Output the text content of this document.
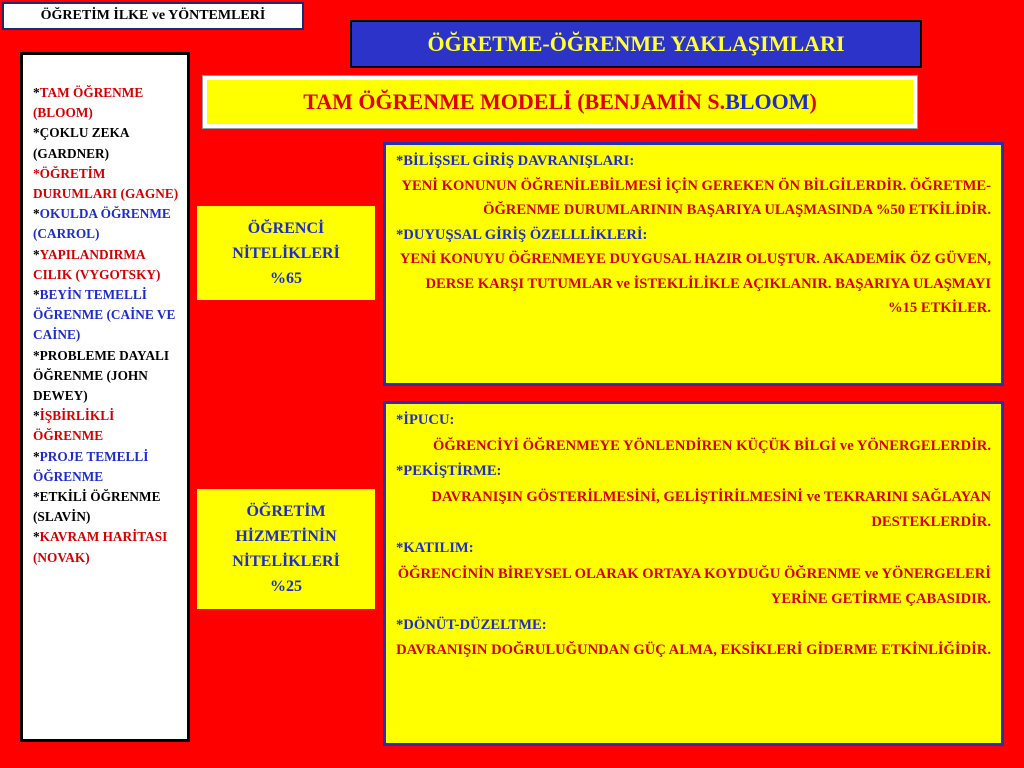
ÖĞRETİM İLKE ve YÖNTEMLERİ
ÖĞRETME-ÖĞRENME YAKLAŞIMLARI
TAM ÖĞRENME MODELİ (BENJAMİN S. BLOOM )
*TAM ÖĞRENME (BLOOM)
*ÇOKLU ZEKA (GARDNER)
*ÖĞRETİM DURUMLARI (GAGNE)
*OKULDA ÖĞRENME (CARROL)
*YAPILANDIRMA CILIK (VYGOTSKY)
*BEYİN TEMELLİ ÖĞRENME (CAİNE VE CAİNE)
*PROBLEME DAYALI ÖĞRENME (JOHN DEWEY)
*İŞBİRLİKLİ ÖĞRENME
*PROJE TEMELLİ ÖĞRENME
*ETKİLİ ÖĞRENME (SLAVİN)
*KAVRAM HARİTASI (NOVAK)
ÖĞRENCİ
NİTELİKLERİ
%65
ÖĞRETİM
HİZMETİNİN
NİTELİKLERİ
%25
*BİLİŞSEL GİRİŞ DAVRANIŞLARI:
YENİ KONUNUN ÖĞRENİLEBİLMESİ İÇİN GEREKEN ÖN BİLGİLERDİR. ÖĞRETME-ÖĞRENME DURUMLARININ BAŞARIYA ULAŞMASINDA %50 ETKİLİDİR.
*DUYUŞSAL GİRİŞ ÖZELLLİKLERİ:
YENİ KONUYU ÖĞRENMEYE DUYGUSAL HAZIR OLUŞTUR. AKADEMİK ÖZ GÜVEN, DERSE KARŞI TUTUMLAR ve İSTEKLİLİKLE AÇIKLANIR. BAŞARIYA ULAŞMAYI %15 ETKİLER.
*İPUCU:
ÖĞRENCİYİ ÖĞRENMEYE YÖNLENDİREN KÜÇÜK BİLGİ ve YÖNERGELERDİR.
*PEKİŞTİRME:
DAVRANIŞIN GÖSTERİLMESİNİ, GELİŞTİRİLMESİNİ ve TEKRARINI SAĞLAYAN DESTEKLERDİR.
*KATILIM:
ÖĞRENCİNİN BİREYSEL OLARAK ORTAYA KOYDUĞU ÖĞRENME ve YÖNERGELERİ YERİNE GETİRME ÇABASIDIR.
*DÖNÜT-DÜZELTME:
DAVRANIŞIN DOĞRULUĞUNDAN GÜÇ ALMA, EKSİKLERİ GİDERME ETKİNLİĞİDİR.
